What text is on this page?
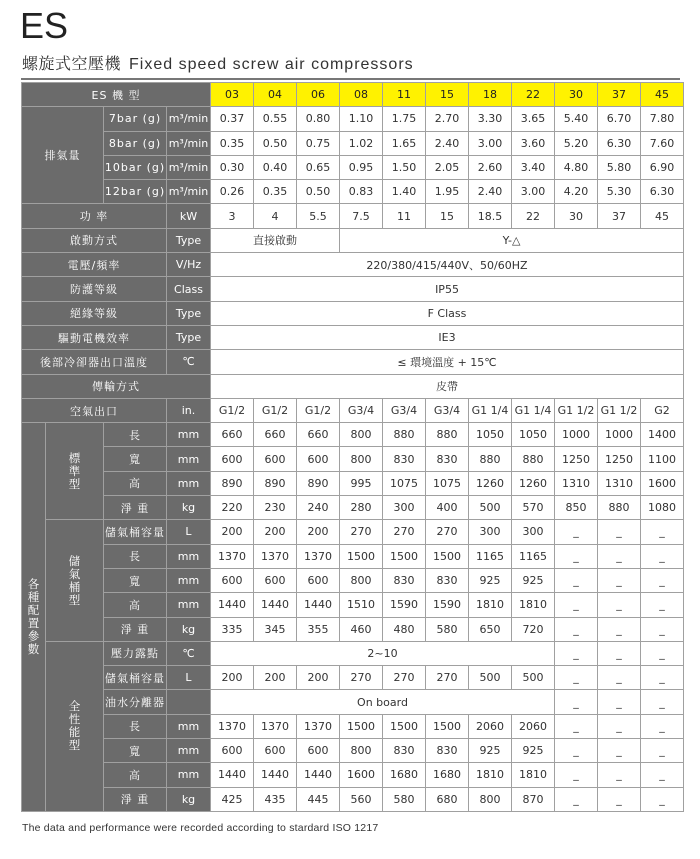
ES
螺旋式空壓機 Fixed speed screw air compressors
ES 機 型				03	04	06	08	11	15	18	22	30	37	45
排氣量		7bar (g)	m³/min	0.37	0.55	0.80	1.10	1.75	2.70	3.30	3.65	5.40	6.70	7.80
		8bar (g)	m³/min	0.35	0.50	0.75	1.02	1.65	2.40	3.00	3.60	5.20	6.30	7.60
		10bar (g)	m³/min	0.30	0.40	0.65	0.95	1.50	2.05	2.60	3.40	4.80	5.80	6.90
		12bar (g)	m³/min	0.26	0.35	0.50	0.83	1.40	1.95	2.40	3.00	4.20	5.30	6.30
功 率			kW	3	4	5.5	7.5	11	15	18.5	22	30	37	45
啟動方式			Type	直接啟動			Y-△							
電壓/頻率			V/Hz	220/380/415/440V、50/60HZ										
防護等級			Class	IP55										
絕緣等級			Type	F Class										
驅動電機效率			Type	IE3										
後部冷卻器出口溫度			℃	≤ 環境溫度 + 15℃										
傳輸方式				皮帶										
空氣出口			in.	G1/2	G1/2	G1/2	G3/4	G3/4	G3/4	G1 1/4	G1 1/4	G1 1/2	G1 1/2	G2
各種配置參數	標準型	長	mm	660	660	660	800	880	880	1050	1050	1000	1000	1400
		寬	mm	600	600	600	800	830	830	880	880	1250	1250	1100
		高	mm	890	890	890	995	1075	1075	1260	1260	1310	1310	1600
		淨 重	kg	220	230	240	280	300	400	500	570	850	880	1080
	儲氣桶型	儲氣桶容量	L	200	200	200	270	270	270	300	300	_	_	_
		長	mm	1370	1370	1370	1500	1500	1500	1165	1165	_	_	_
		寬	mm	600	600	600	800	830	830	925	925	_	_	_
		高	mm	1440	1440	1440	1510	1590	1590	1810	1810	_	_	_
		淨 重	kg	335	345	355	460	480	580	650	720	_	_	_
	全性能型	壓力露點	℃	2~10								_	_	_
		儲氣桶容量	L	200	200	200	270	270	270	500	500	_	_	_
		油水分離器		On board								_	_	_
		長	mm	1370	1370	1370	1500	1500	1500	2060	2060	_	_	_
		寬	mm	600	600	600	800	830	830	925	925	_	_	_
		高	mm	1440	1440	1440	1600	1680	1680	1810	1810	_	_	_
		淨 重	kg	425	435	445	560	580	680	800	870	_	_	_
The data and performance were recorded according to stardard ISO 1217
